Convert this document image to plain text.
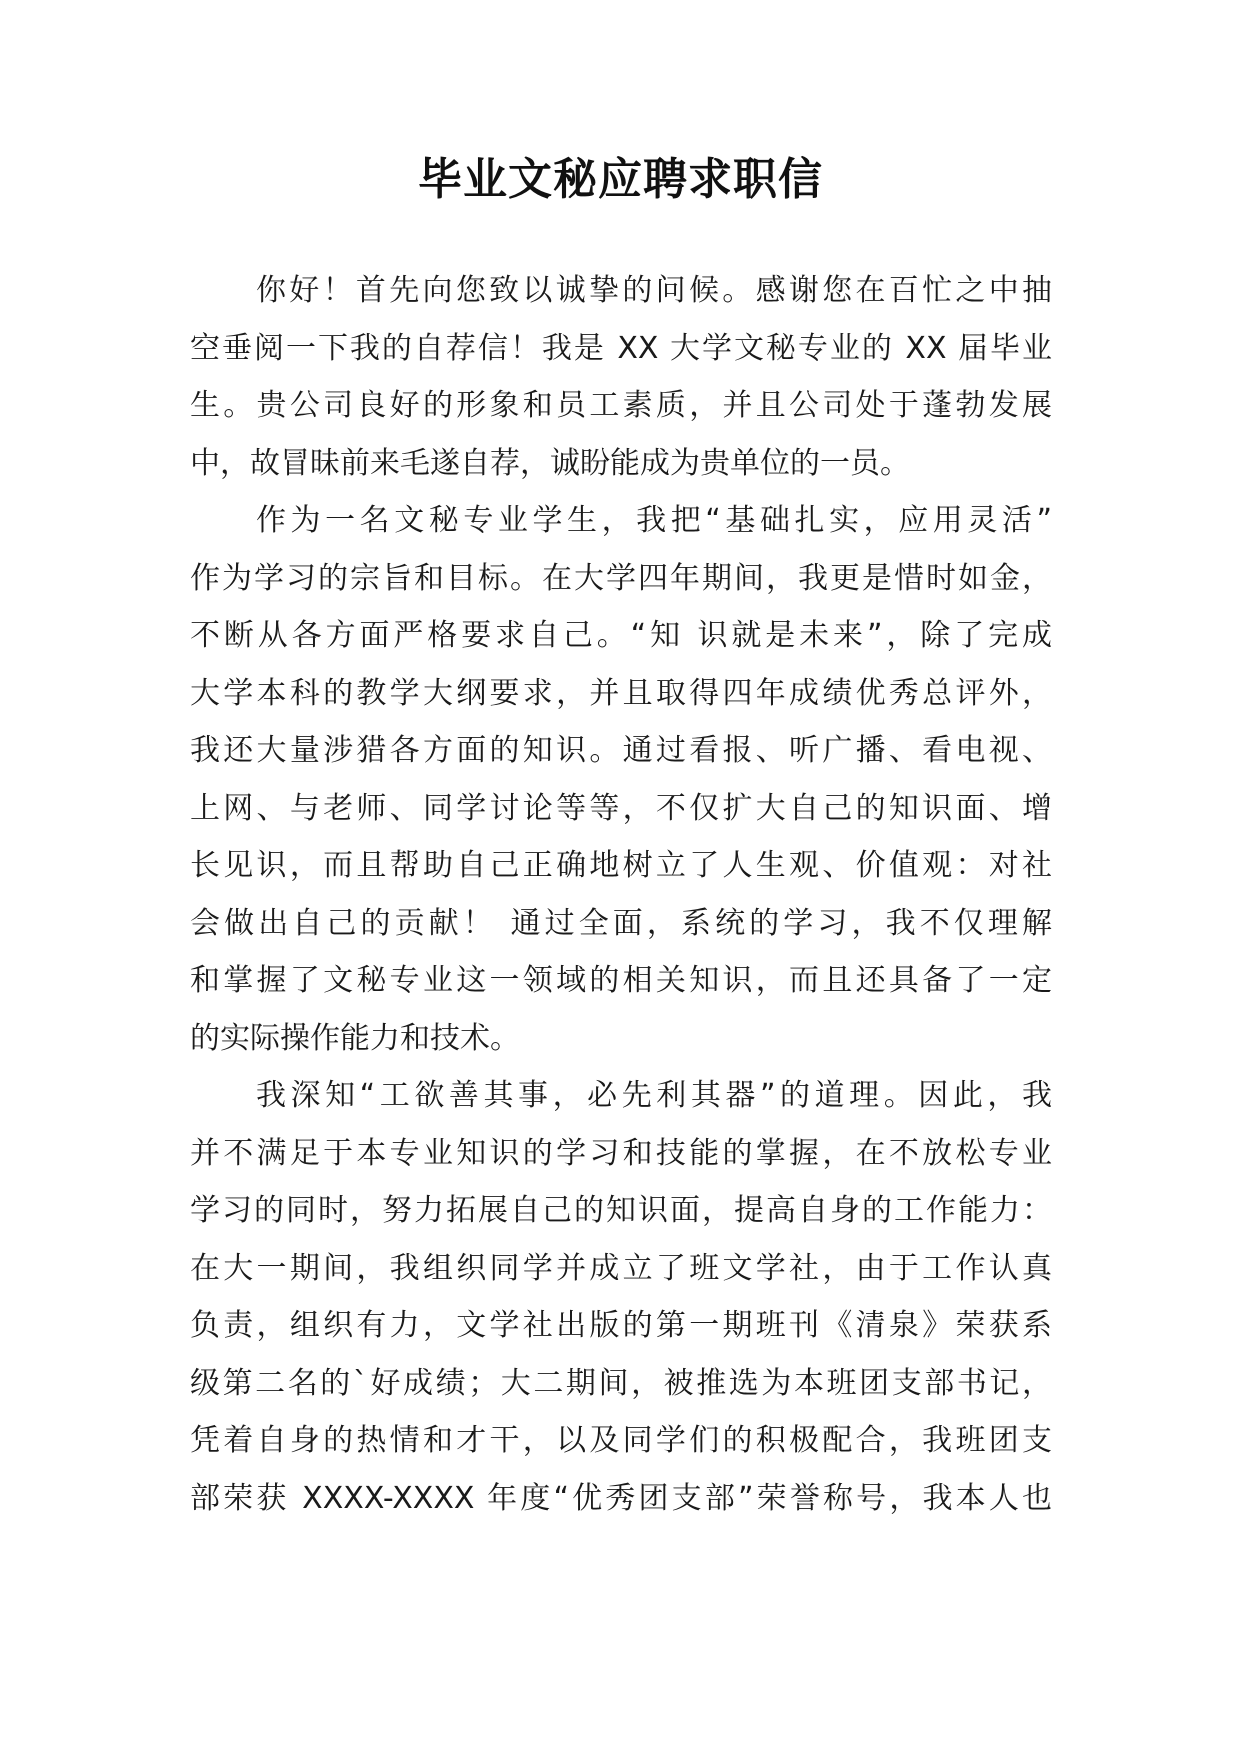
毕业文秘应聘求职信
你好！首先向您致以诚挚的问候。感谢您在百忙之中抽
空垂阅一下我的自荐信！我是 XX 大学文秘专业的 XX 届毕业
生。贵公司良好的形象和员工素质，并且公司处于蓬勃发展
中，故冒昧前来毛遂自荐，诚盼能成为贵单位的一员。
作为一名文秘专业学生，我把“基础扎实，应用灵活”
作为学习的宗旨和目标。在大学四年期间，我更是惜时如金，
不断从各方面严格要求自己。“知 识就是未来”，除了完成
大学本科的教学大纲要求，并且取得四年成绩优秀总评外，
我还大量涉猎各方面的知识。通过看报、听广播、看电视、
上网、与老师、同学讨论等等，不仅扩大自己的知识面、增
长见识，而且帮助自己正确地树立了人生观、价值观：对社
会做出自己的贡献！ 通过全面，系统的学习，我不仅理解
和掌握了文秘专业这一领域的相关知识，而且还具备了一定
的实际操作能力和技术。
我深知“工欲善其事，必先利其器”的道理。因此，我
并不满足于本专业知识的学习和技能的掌握，在不放松专业
学习的同时，努力拓展自己的知识面，提高自身的工作能力：
在大一期间，我组织同学并成立了班文学社，由于工作认真
负责，组织有力，文学社出版的第一期班刊《清泉》荣获系
级第二名的`好成绩；大二期间，被推选为本班团支部书记，
凭着自身的热情和才干，以及同学们的积极配合，我班团支
部荣获 XXXX-XXXX 年度“优秀团支部”荣誉称号，我本人也
